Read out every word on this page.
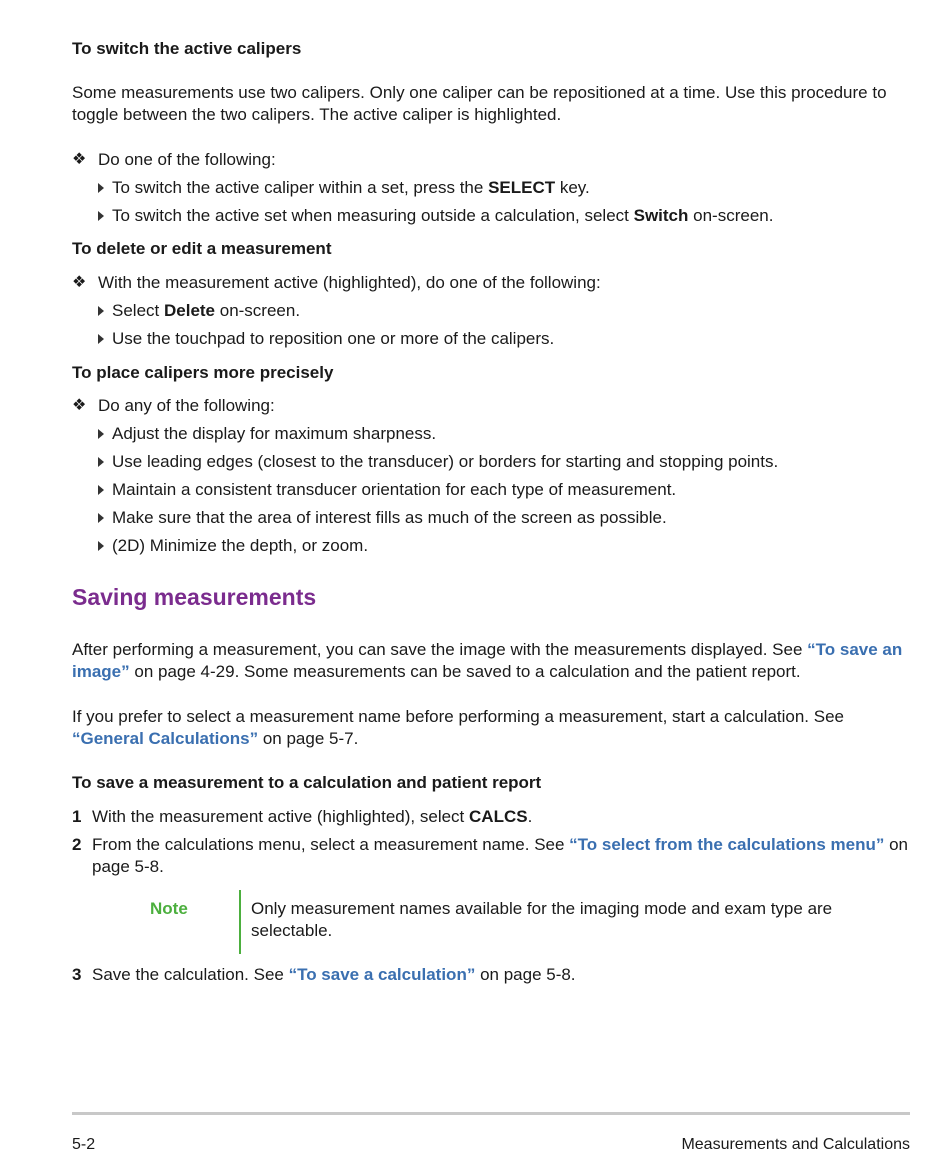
To switch the active calipers
Some measurements use two calipers. Only one caliper can be repositioned at a time. Use this procedure to toggle between the two calipers. The active caliper is highlighted.
❖ Do one of the following:
To switch the active caliper within a set, press the SELECT key.
To switch the active set when measuring outside a calculation, select Switch on-screen.
To delete or edit a measurement
❖ With the measurement active (highlighted), do one of the following:
Select Delete on-screen.
Use the touchpad to reposition one or more of the calipers.
To place calipers more precisely
❖ Do any of the following:
Adjust the display for maximum sharpness.
Use leading edges (closest to the transducer) or borders for starting and stopping points.
Maintain a consistent transducer orientation for each type of measurement.
Make sure that the area of interest fills as much of the screen as possible.
(2D) Minimize the depth, or zoom.
Saving measurements
After performing a measurement, you can save the image with the measurements displayed. See “To save an image” on page 4-29. Some measurements can be saved to a calculation and the patient report.
If you prefer to select a measurement name before performing a measurement, start a calculation. See “General Calculations” on page 5-7.
To save a measurement to a calculation and patient report
1 With the measurement active (highlighted), select CALCS.
2 From the calculations menu, select a measurement name. See “To select from the calculations menu” on page 5-8.
Note	Only measurement names available for the imaging mode and exam type are selectable.
3 Save the calculation. See “To save a calculation” on page 5-8.
5-2	Measurements and Calculations
